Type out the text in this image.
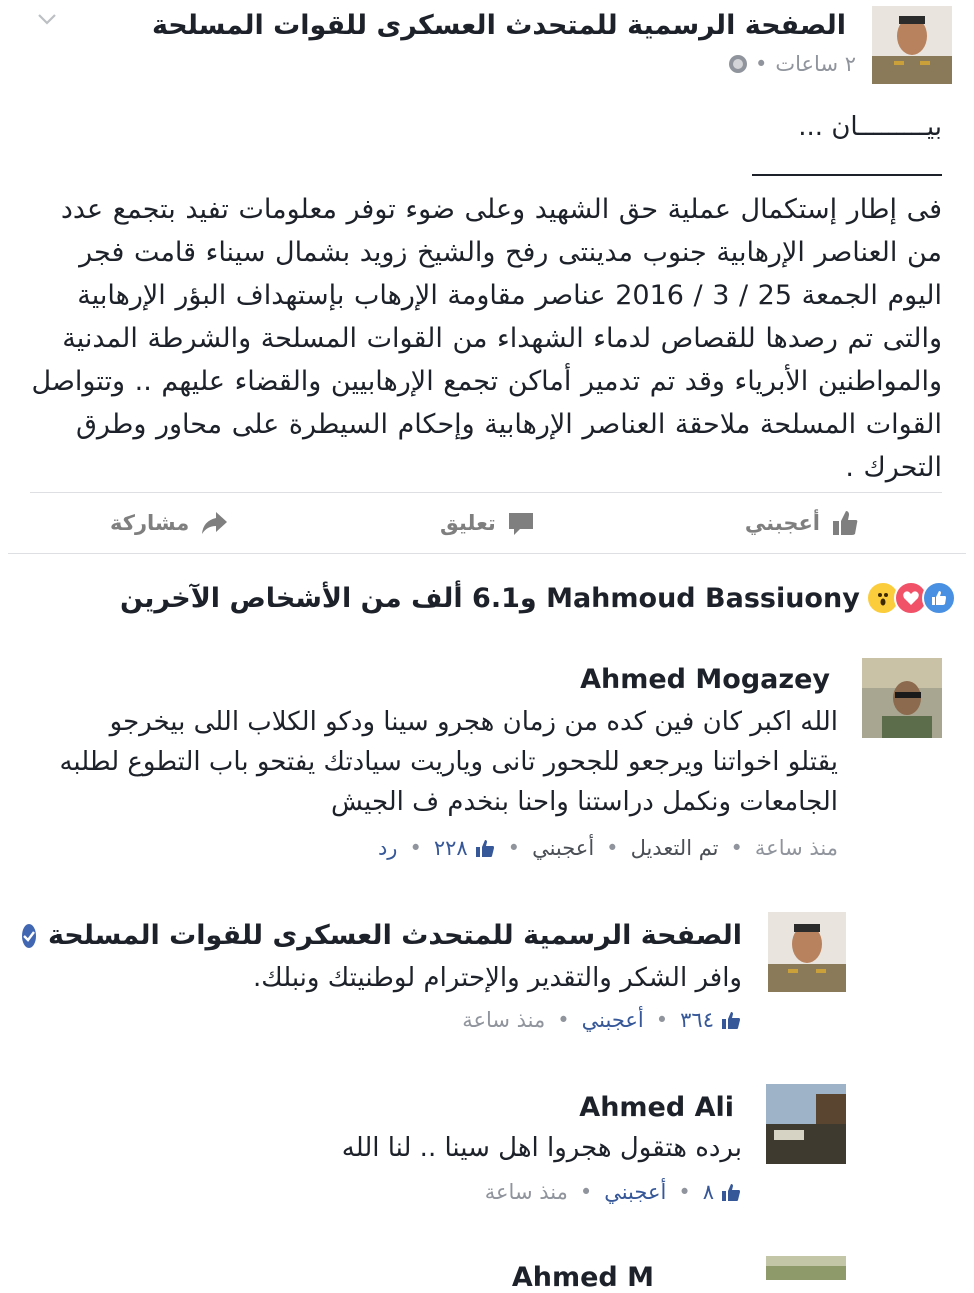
الصفحة الرسمية للمتحدث العسكرى للقوات المسلحة
• ٢ ساعات
بيـــــــــان ...
فى إطار إستكمال عملية حق الشهيد وعلى ضوء توفر معلومات تفيد بتجمع عدد من العناصر الإرهابية جنوب مدينتى رفح والشيخ زويد بشمال سيناء قامت فجر اليوم الجمعة 25 / 3 / 2016 عناصر مقاومة الإرهاب بإستهداف البؤر الإرهابية والتى تم رصدها للقصاص لدماء الشهداء من القوات المسلحة والشرطة المدنية والمواطنين الأبرياء وقد تم تدمير أماكن تجمع الإرهابيين والقضاء عليهم .. وتتواصل القوات المسلحة ملاحقة العناصر الإرهابية وإحكام السيطرة على محاور وطرق التحرك .
أعجبني
تعليق
مشاركة
Mahmoud Bassiuony و6.1 ألف من الأشخاص الآخرين
Ahmed Mogazey
الله اكبر كان فين كده من زمان هجرو سينا ودكو الكلاب اللى بيخرجو يقتلو اخواتنا ويرجعو للجحور تانى وياريت سيادتك يفتحو باب التطوع لطلبه الجامعات ونكمل دراستنا واحنا بنخدم ف الجيش
منذ ساعة
•
تم التعديل
•
أعجبني
•
٢٢٨
•
رد
الصفحة الرسمية للمتحدث العسكرى للقوات المسلحة
وافر الشكر والتقدير والإحترام لوطنيتك ونبلك.
٣٦٤
•
أعجبني
•
منذ ساعة
Ahmed Ali
برده هتقول هجروا اهل سينا .. لنا الله
٨
•
أعجبني
•
منذ ساعة
Ahmed M
